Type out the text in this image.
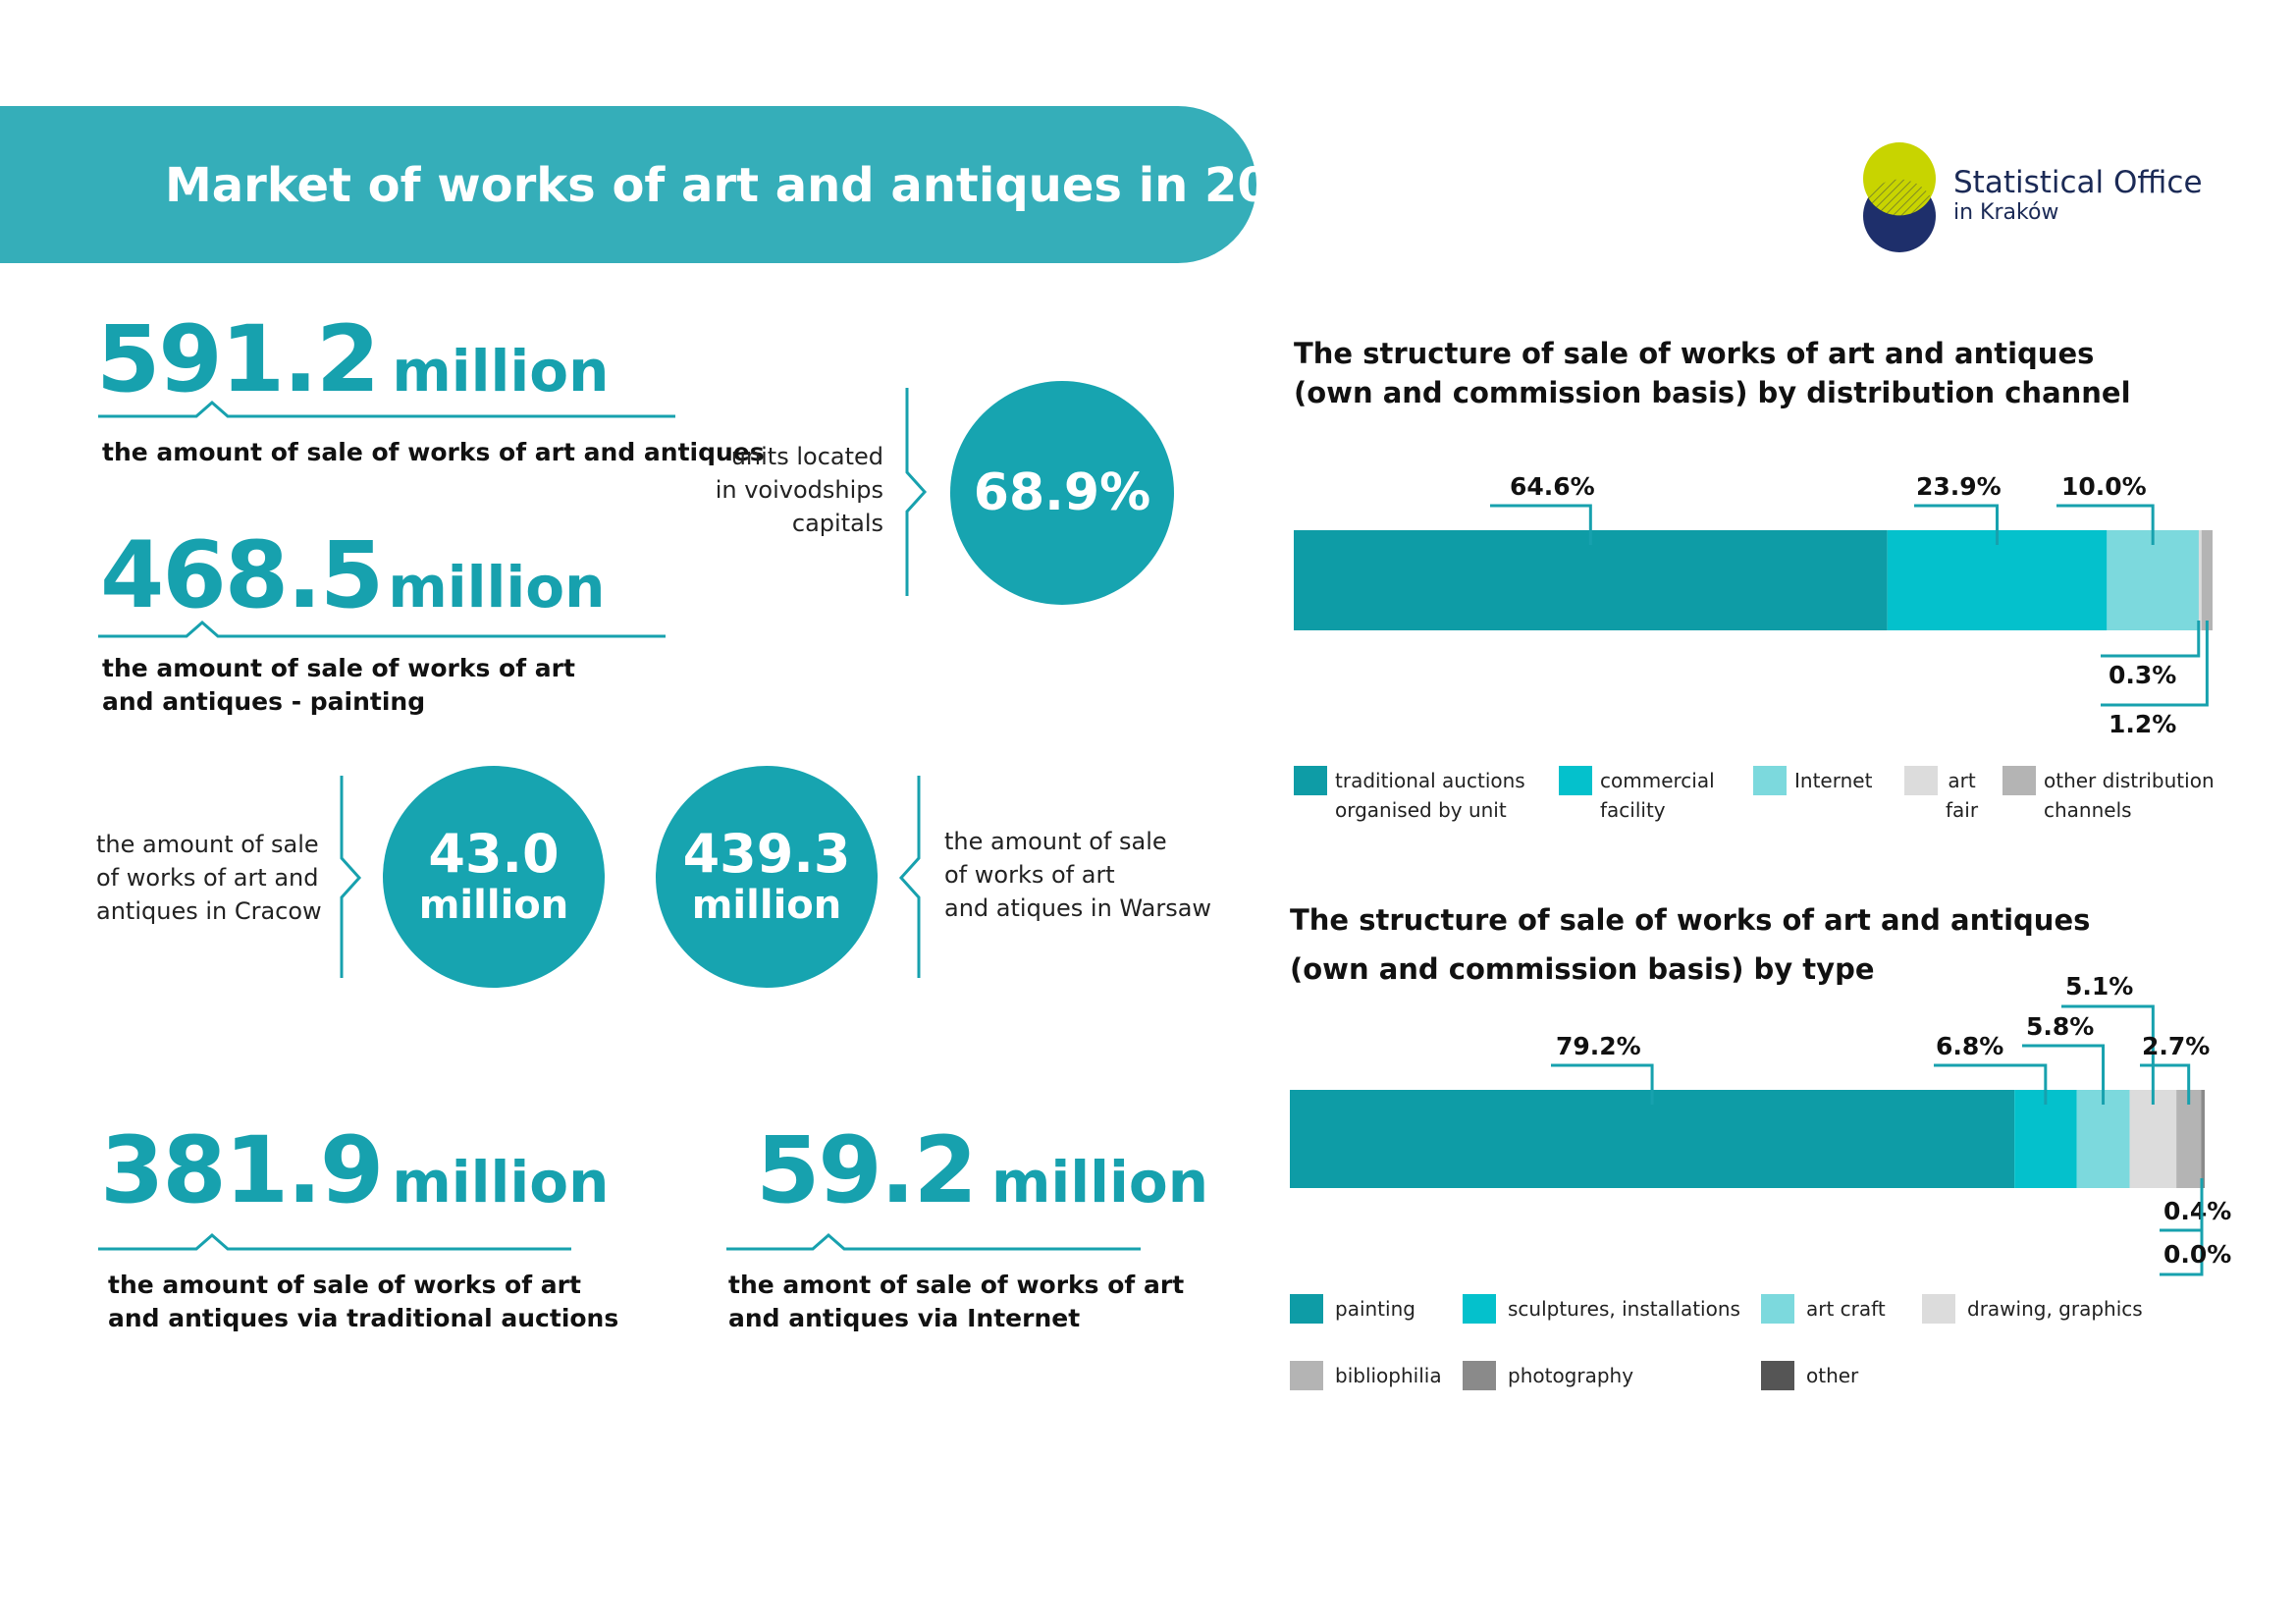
Market of works of art and antiques in 2021	Statistical Office
in Kraków
591.2 million
the amount of sale of works of art and antiques
468.5 million
the amount of sale of works of art
and antiques - painting
units located
in voivodships
capitals
68.9%
the amount of sale
of works of art and
antiques in Cracow
43.0
million
439.3
million
the amount of sale
of works of art
and atiques in Warsaw
381.9 million
the amount of sale of works of art
and antiques via traditional auctions
59.2 million
the amont of sale of works of art
and antiques via Internet
The structure of sale of works of art and antiques
(own and commission basis) by distribution channel
64.6%	23.9% 10.0%
0.3%
1.2%
traditional auctions
organised by unit
commercial
facility
Internet	art
fair
other distribution
channels
The structure of sale of works of art and antiques
(own and commission basis) by type
79.2%	6.8%
5.8%
5.1%
2.7%
0.4%
0.0%
painting	sculptures, installations	art craft	drawing, graphics
bibliophilia	photography	other
